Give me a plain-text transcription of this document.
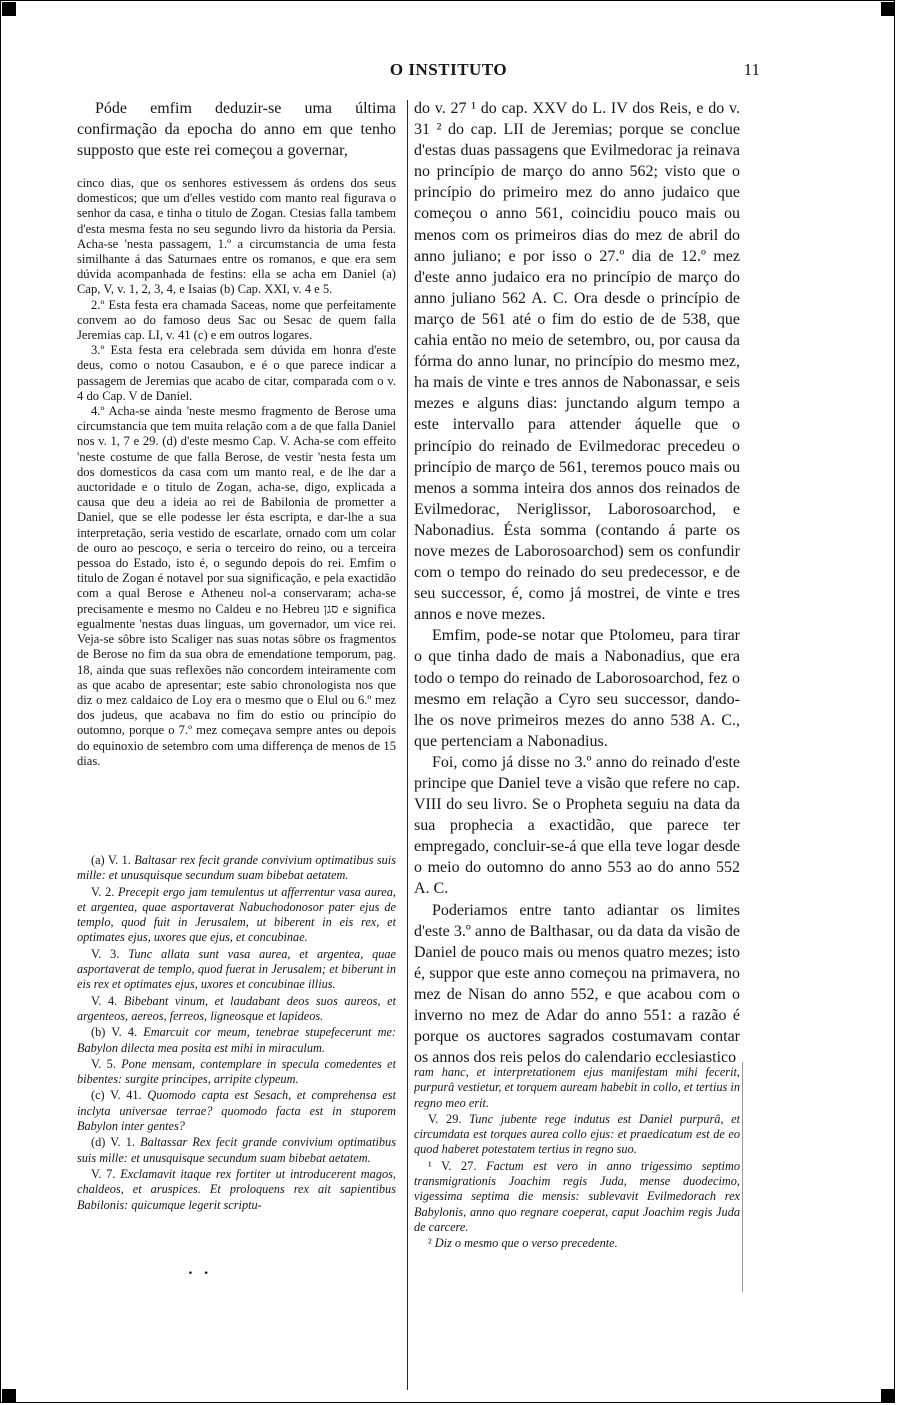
O INSTITUTO	11

Póde emfim deduzir-se uma última confirmação da epocha do anno em que tenho supposto que este rei começou a governar,

cinco dias, que os senhores estivessem ás ordens dos seus domesticos; que um d'elles vestido com manto real figurava o senhor da casa, e tinha o titulo de Zogan. Ctesias falla tambem d'esta mesma festa no seu segundo livro da historia da Persia. Acha-se 'nesta passagem, 1.º a circumstancia de uma festa similhante á das Saturnaes entre os romanos, e que era sem dúvida acompanhada de festins: ella se acha em Daniel (a) Cap, V, v. 1, 2, 3, 4, e Isaias (b) Cap. XXI, v. 4 e 5.

2.º Esta festa era chamada Saceas, nome que perfeitamente convem ao do famoso deus Sac ou Sesac de quem falla Jeremias cap. LI, v. 41 (c) e em outros logares.

3.º Esta festa era celebrada sem dúvida em honra d'este deus, como o notou Casaubon, e é o que parece indicar a passagem de Jeremias que acabo de citar, comparada com o v. 4 do Cap. V de Daniel.

4.º Acha-se ainda 'neste mesmo fragmento de Berose uma circumstancia que tem muita relação com a de que falla Daniel nos v. 1, 7 e 29. (d) d'este mesmo Cap. V. Acha-se com effeito 'neste costume de que falla Berose, de vestir 'nesta festa um dos domesticos da casa com um manto real, e de lhe dar a auctoridade e o titulo de Zogan, acha-se, digo, explicada a causa que deu a ideia ao rei de Babilonia de prometter a Daniel, que se elle podesse ler ésta escripta, e dar-lhe a sua interpretação, seria vestido de escarlate, ornado com um colar de ouro ao pescoço, e seria o terceiro do reino, ou a terceira pessoa do Estado, isto é, o segundo depois do rei. Emfim o titulo de Zogan é notavel por sua significação, e pela exactidão com a qual Berose e Atheneu nol-a conservaram; acha-se precisamente e mesmo no Caldeu e no Hebreu סגן e significa egualmente 'nestas duas linguas, um governador, um vice rei. Veja-se sôbre isto Scaliger nas suas notas sôbre os fragmentos de Berose no fim da sua obra de emendatione temporum, pag. 18, ainda que suas reflexões não concordem inteiramente com as que acabo de apresentar; este sabio chronologista nos que diz o mez caldaico de Loy era o mesmo que o Elul ou 6.º mez dos judeus, que acabava no fim do estio ou princípio do outomno, porque o 7.º mez começava sempre antes ou depois do equinoxio de setembro com uma differença de menos de 15 dias.

(a) V. 1. Baltasar rex fecit grande convivium optimatibus suis mille: et unusquisque secundum suam bibebat aetatem.

V. 2. Precepit ergo jam temulentus ut afferrentur vasa aurea, et argentea, quae asportaverat Nabuchodonosor pater ejus de templo, quod fuit in Jerusalem, ut biberent in eis rex, et optimates ejus, uxores que ejus, et concubinae.

V. 3. Tunc allata sunt vasa aurea, et argentea, quae asportaverat de templo, quod fuerat in Jerusalem; et biberunt in eis rex et optimates ejus, uxores et concubinae illius.

V. 4. Bibebant vinum, et laudabant deos suos aureos, et argenteos, aereos, ferreos, ligneosque et lapideos.

(b) V. 4. Emarcuit cor meum, tenebrae stupefecerunt me: Babylon dilecta mea posita est mihi in miraculum.

V. 5. Pone mensam, contemplare in specula comedentes et bibentes: surgite principes, arripite clypeum.

(c) V. 41. Quomodo capta est Sesach, et comprehensa est inclyta universae terrae? quomodo facta est in stuporem Babylon inter gentes?

(d) V. 1. Baltassar Rex fecit grande convivium optimatibus suis mille: et unusquisque secundum suam bibebat aetatem.

V. 7. Exclamavit itaque rex fortiter ut introducerent magos, chaldeos, et aruspices. Et proloquens rex ait sapientibus Babilonis: quicumque legerit scriptu-

. .

do v. 27 ¹ do cap. XXV do L. IV dos Reis, e do v. 31 ² do cap. LII de Jeremias; porque se conclue d'estas duas passagens que Evilmedorac ja reinava no princípio de março do anno 562; visto que o princípio do primeiro mez do anno judaico que começou o anno 561, coincidiu pouco mais ou menos com os primeiros dias do mez de abril do anno juliano; e por isso o 27.º dia de 12.º mez d'este anno judaico era no princípio de março do anno juliano 562 A. C. Ora desde o princípio de março de 561 até o fim do estio de de 538, que cahia então no meio de setembro, ou, por causa da fórma do anno lunar, no princípio do mesmo mez, ha mais de vinte e tres annos de Nabonassar, e seis mezes e alguns dias: junctando algum tempo a este intervallo para attender áquelle que o princípio do reinado de Evilmedorac precedeu o princípio de março de 561, teremos pouco mais ou menos a somma inteira dos annos dos reinados de Evilmedorac, Neriglissor, Laborosoarchod, e Nabonadius. Ésta somma (contando á parte os nove mezes de Laborosoarchod) sem os confundir com o tempo do reinado do seu predecessor, e de seu successor, é, como já mostrei, de vinte e tres annos e nove mezes.

Emfim, pode-se notar que Ptolomeu, para tirar o que tinha dado de mais a Nabonadius, que era todo o tempo do reinado de Laborosoarchod, fez o mesmo em relação a Cyro seu successor, dando-lhe os nove primeiros mezes do anno 538 A. C., que pertenciam a Nabonadius.

Foi, como já disse no 3.º anno do reinado d'este principe que Daniel teve a visão que refere no cap. VIII do seu livro. Se o Propheta seguiu na data da sua prophecia a exactidão, que parece ter empregado, concluir-se-á que ella teve logar desde o meio do outomno do anno 553 ao do anno 552 A. C.

Poderiamos entre tanto adiantar os limites d'este 3.º anno de Balthasar, ou da data da visão de Daniel de pouco mais ou menos quatro mezes; isto é, suppor que este anno começou na primavera, no mez de Nisan do anno 552, e que acabou com o inverno no mez de Adar do anno 551: a razão é porque os auctores sagrados costumavam contar os annos dos reis pelos do calendario ecclesiastico

ram hanc, et interpretationem ejus manifestam mihi fecerit, purpurâ vestietur, et torquem auream habebit in collo, et tertius in regno meo erit.

V. 29. Tunc jubente rege indutus est Daniel purpurâ, et circumdata est torques aurea collo ejus: et praedicatum est de eo quod haberet potestatem tertius in regno suo.

¹ V. 27. Factum est vero in anno trigessimo septimo transmigrationis Joachim regis Juda, mense duodecimo, vigessima septima die mensis: sublevavit Evilmedorach rex Babylonis, anno quo regnare coeperat, caput Joachim regis Juda de carcere.

² Diz o mesmo que o verso precedente.
